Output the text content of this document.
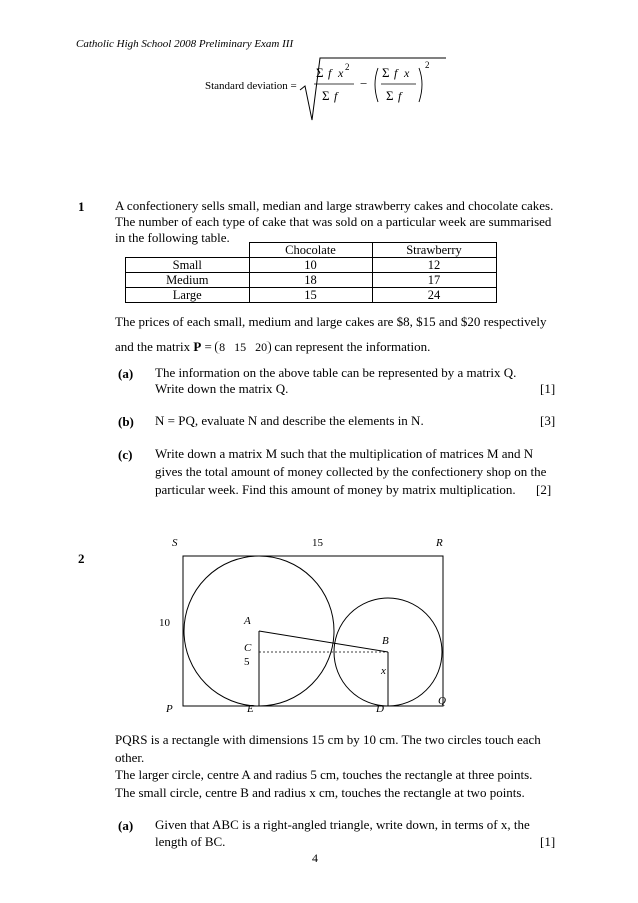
Catholic High School 2008 Preliminary Exam III
Standard deviation =
Σ f x 2
Σ f
−
Σ f x
Σ f
2
1 A confectionery sells small, median and large strawberry cakes and chocolate cakes.
The number of each type of cake that was sold on a particular week are summarised
in the following table.
	Chocolate	Strawberry
Small	10	12
Medium	18	17
Large	15	24
The prices of each small, medium and large cakes are $8, $15 and $20 respectively
and the matrix P = 8   15   20 can represent the information.
(a) The information on the above table can be represented by a matrix Q.
Write down the matrix Q.	[1]
(b) N = PQ, evaluate N and describe the elements in N.	[3]
(c) Write down a matrix M such that the multiplication of matrices M and N
gives the total amount of money collected by the confectionery shop on the
particular week. Find this amount of money by matrix multiplication. [2]
2
S	15	R
10	A
C
5
B
x
P	E	D
Q
PQRS is a rectangle with dimensions 15 cm by 10 cm. The two circles touch each
other.
The larger circle, centre A and radius 5 cm, touches the rectangle at three points.
The small circle, centre B and radius x cm, touches the rectangle at two points.
(a) Given that ABC is a right-angled triangle, write down, in terms of x, the
length of BC.	[1]
4
